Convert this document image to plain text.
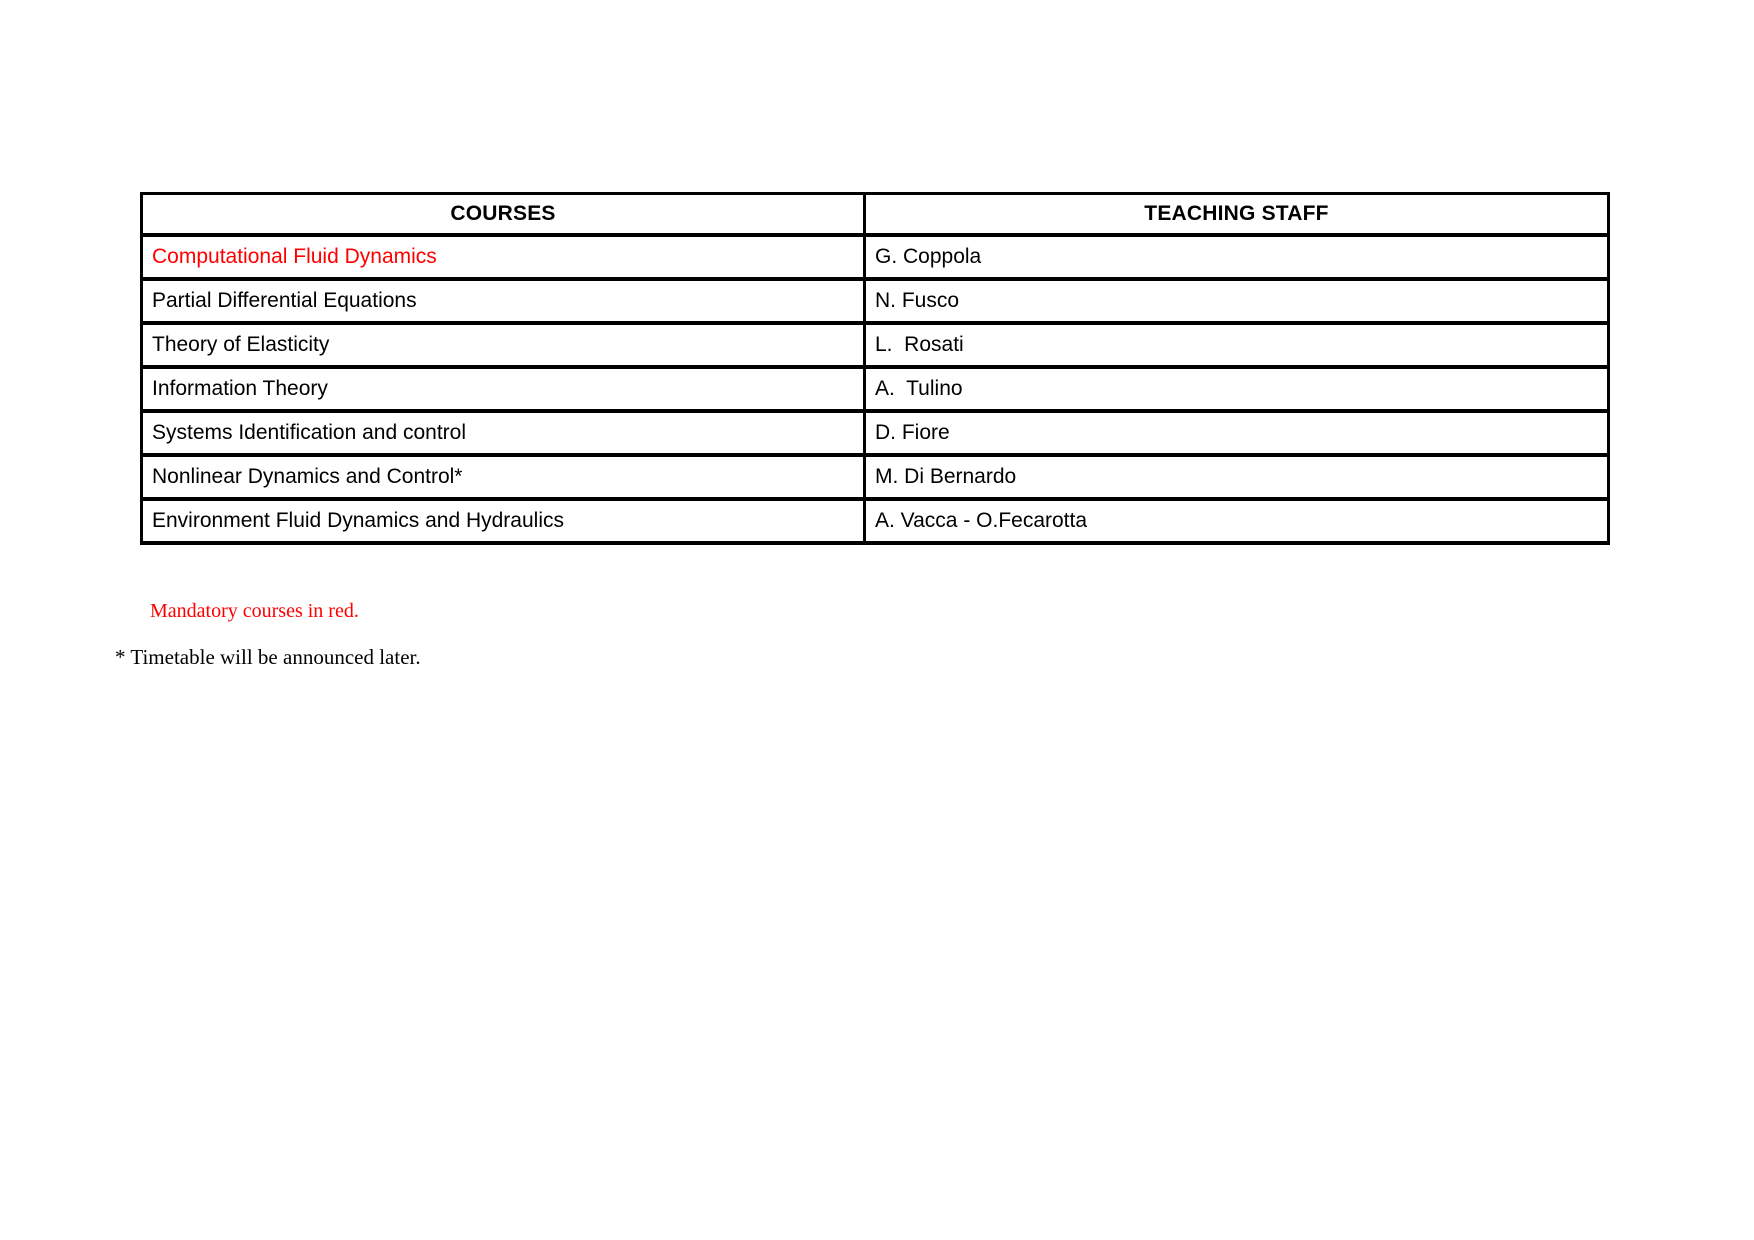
COURSES	TEACHING STAFF
Computational Fluid Dynamics	G. Coppola
Partial Differential Equations	N. Fusco
Theory of Elasticity	L.  Rosati
Information Theory	A.  Tulino
Systems Identification and control	D. Fiore
Nonlinear Dynamics and Control*	M. Di Bernardo
Environment Fluid Dynamics and Hydraulics	A. Vacca - O.Fecarotta
Mandatory courses in red.
* Timetable will be announced later.
